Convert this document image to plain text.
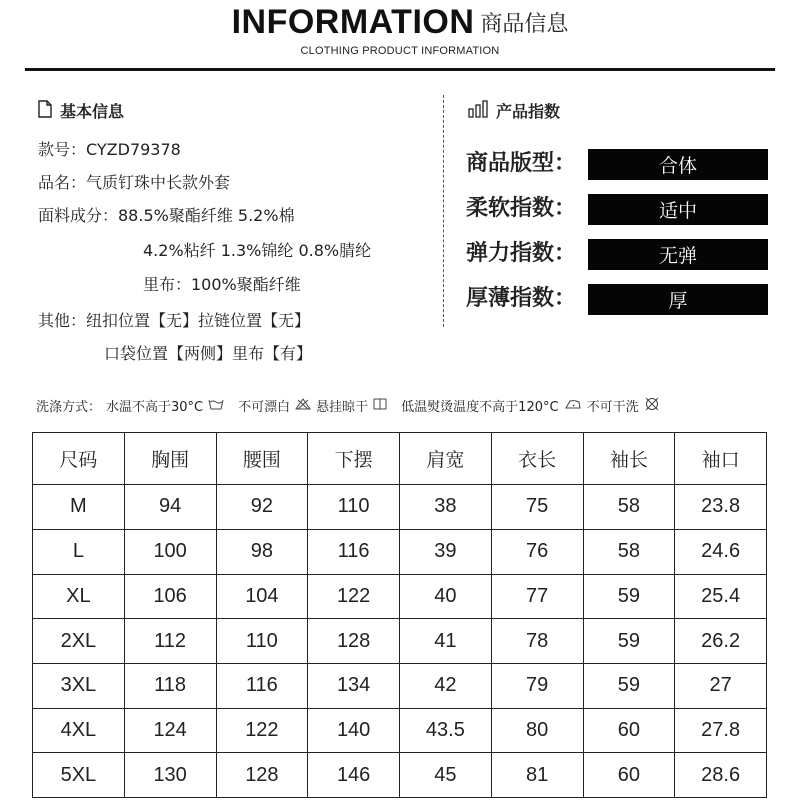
INFORMATION 商品信息
CLOTHING PRODUCT INFORMATION
基本信息
款号：CYZD79378
品名：气质钉珠中长款外套
面料成分：88.5%聚酯纤维 5.2%棉
4.2%粘纤 1.3%锦纶 0.8%腈纶
里布：100%聚酯纤维
其他：纽扣位置【无】拉链位置【无】
口袋位置【两侧】里布【有】
产品指数
商品版型：	合体
柔软指数：	适中
弹力指数：	无弹
厚薄指数：	厚
洗涤方式： 水温不高于30°C	不可漂白 悬挂晾干	低温熨烫温度不高于120°C 不可干洗
尺码	胸围	腰围	下摆	肩宽	衣长	袖长	袖口
M	94	92	110	38	75	58	23.8
L	100	98	116	39	76	58	24.6
XL	106	104	122	40	77	59	25.4
2XL	112	110	128	41	78	59	26.2
3XL	118	116	134	42	79	59	27
4XL	124	122	140	43.5	80	60	27.8
5XL	130	128	146	45	81	60	28.6
